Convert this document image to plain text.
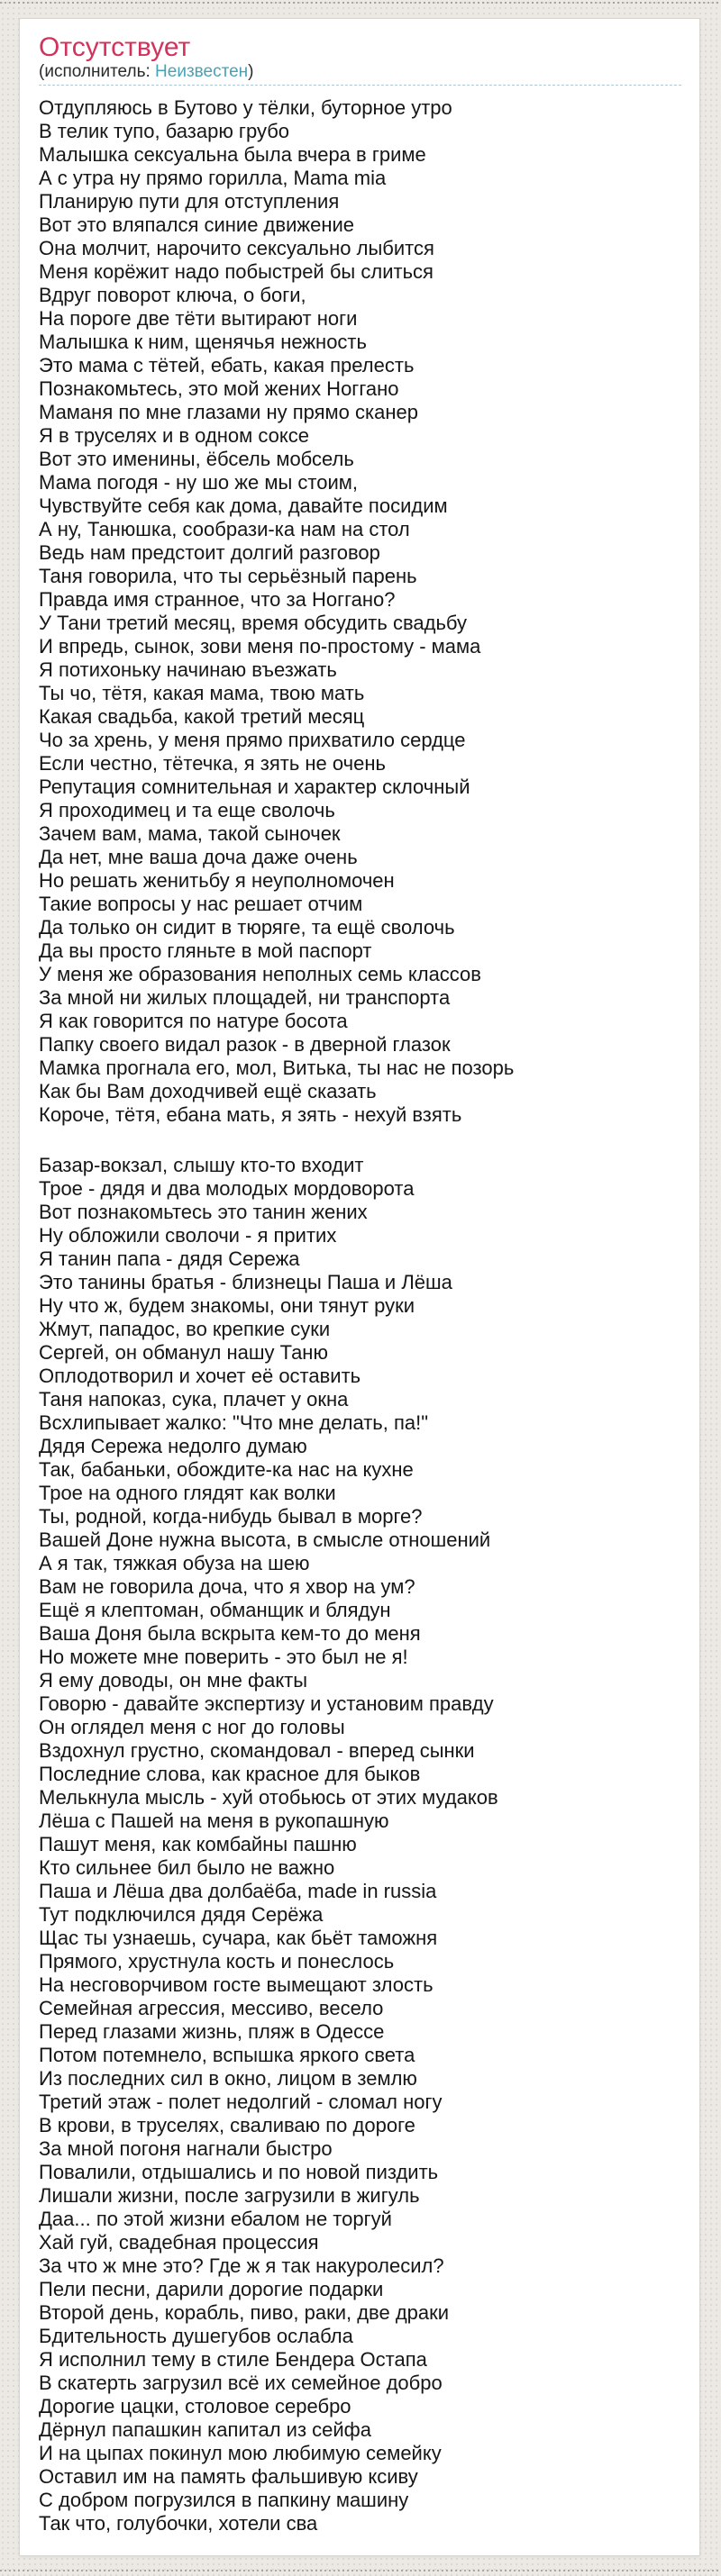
Отсутствует
(исполнитель: Неизвестен)
Отдупляюсь в Бутово у тёлки, буторное утро
В телик тупо, базарю грубо
Малышка сексуальна была вчера в гриме
А с утра ну прямо горилла, Mama mia
Планирую пути для отступления
Вот это вляпался синие движение
Она молчит, нарочито сексуально лыбится
Меня корёжит надо побыстрей бы слиться
Вдруг поворот ключа, о боги,
На пороге две тёти вытирают ноги
Малышка к ним, щенячья нежность
Это мама с тётей, ебать, какая прелесть
Познакомьтесь, это мой жених Ноггано
Маманя по мне глазами ну прямо сканер
Я в труселях и в одном соксе
Вот это именины, ёбсель мобсель
Мама погодя - ну шо же мы стоим,
Чувствуйте себя как дома, давайте посидим
А ну, Танюшка, сообрази-ка нам на стол
Ведь нам предстоит долгий разговор
Таня говорила, что ты серьёзный парень
Правда имя странное, что за Ноггано?
У Тани третий месяц, время обсудить свадьбу
И впредь, сынок, зови меня по-простому - мама
Я потихоньку начинаю въезжать
Ты чо, тётя, какая мама, твою мать
Какая свадьба, какой третий месяц
Чо за хрень, у меня прямо прихватило сердце
Если честно, тётечка, я зять не очень
Репутация сомнительная и характер склочный
Я проходимец и та еще сволочь
Зачем вам, мама, такой сыночек
Да нет, мне ваша доча даже очень
Но решать женитьбу я неуполномочен
Такие вопросы у нас решает отчим
Да только он сидит в тюряге, та ещё сволочь
Да вы просто гляньте в мой паспорт
У меня же образования неполных семь классов
За мной ни жилых площадей, ни транспорта
Я как говорится по натуре босота
Папку своего видал разок - в дверной глазок
Мамка прогнала его, мол, Витька, ты нас не позорь
Как бы Вам доходчивей ещё сказать
Короче, тётя, ебана мать, я зять - нехуй взять
Базар-вокзал, слышу кто-то входит
Трое - дядя и два молодых мордоворота
Вот познакомьтесь это танин жених
Ну обложили сволочи - я притих
Я танин папа - дядя Сережа
Это танины братья - близнецы Паша и Лёша
Ну что ж, будем знакомы, они тянут руки
Жмут, пападос, во крепкие суки
Сергей, он обманул нашу Таню
Оплодотворил и хочет её оставить
Таня напоказ, сука, плачет у окна
Всхлипывает жалко: "Что мне делать, па!"
Дядя Сережа недолго думаю
Так, бабаньки, обождите-ка нас на кухне
Трое на одного глядят как волки
Ты, родной, когда-нибудь бывал в морге?
Вашей Доне нужна высота, в смысле отношений
А я так, тяжкая обуза на шею
Вам не говорила доча, что я хвор на ум?
Ещё я клептоман, обманщик и блядун
Ваша Доня была вскрыта кем-то до меня
Но можете мне поверить - это был не я!
Я ему доводы, он мне факты
Говорю - давайте экспертизу и установим правду
Он оглядел меня с ног до головы
Вздохнул грустно, скомандовал - вперед сынки
Последние слова, как красное для быков
Мелькнула мысль - хуй отобьюсь от этих мудаков
Лёша с Пашей на меня в рукопашную
Пашут меня, как комбайны пашню
Кто сильнее бил было не важно
Паша и Лёша два долбаёба, made in russia
Тут подключился дядя Серёжа
Щас ты узнаешь, сучара, как бьёт таможня
Прямого, хрустнула кость и понеслось
На несговорчивом госте вымещают злость
Семейная агрессия, мессиво, весело
Перед глазами жизнь, пляж в Одессе
Потом потемнело, вспышка яркого света
Из последних сил в окно, лицом в землю
Третий этаж - полет недолгий - сломал ногу
В крови, в труселях, сваливаю по дороге
За мной погоня нагнали быстро
Повалили, отдышались и по новой пиздить
Лишали жизни, после загрузили в жигуль
Даа... по этой жизни ебалом не торгуй
Хай гуй, свадебная процессия
За что ж мне это? Где ж я так накуролесил?
Пели песни, дарили дорогие подарки
Второй день, корабль, пиво, раки, две драки
Бдительность душегубов ослабла
Я исполнил тему в стиле Бендера Остапа
В скатерть загрузил всё их семейное добро
Дорогие цацки, столовое серебро
Дёрнул папашкин капитал из сейфа
И на цыпах покинул мою любимую семейку
Оставил им на память фальшивую ксиву
С добром погрузился в папкину машину
Так что, голубочки, хотели сва
